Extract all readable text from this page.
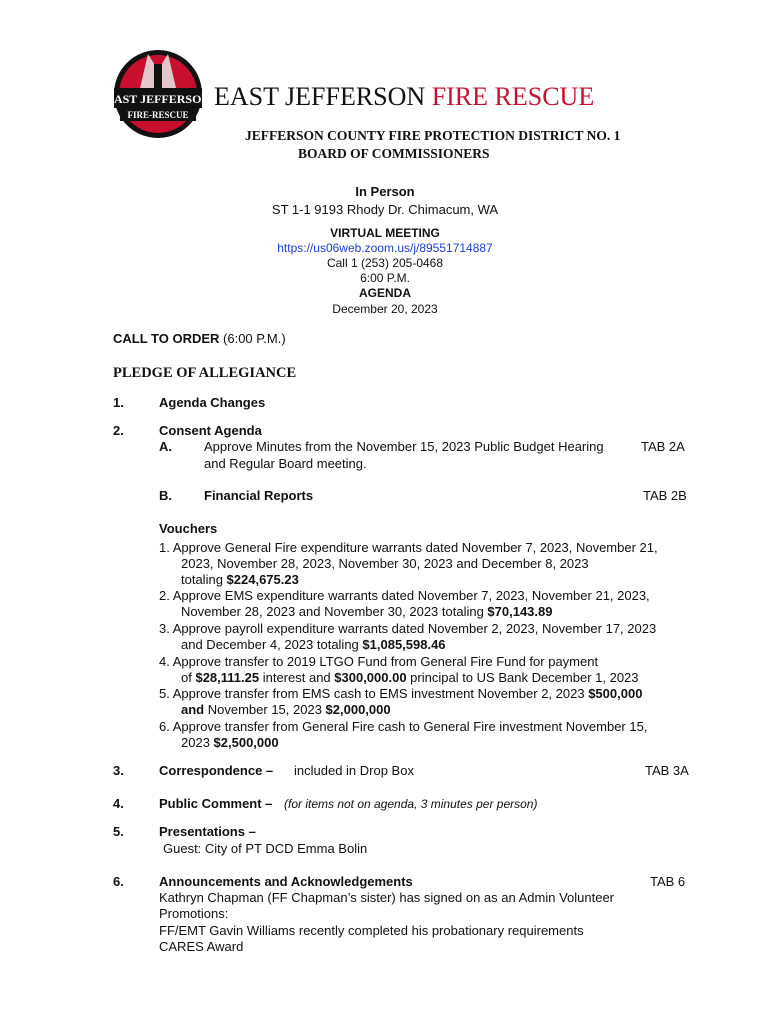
EAST JEFFERSON
FIRE-RESCUE
EAST JEFFERSON FIRE RESCUE
JEFFERSON COUNTY FIRE PROTECTION DISTRICT NO. 1
BOARD OF COMMISSIONERS
In Person
ST 1-1 9193 Rhody Dr. Chimacum, WA
VIRTUAL MEETING
https://us06web.zoom.us/j/89551714887
Call 1 (253) 205-0468
6:00 P.M.
AGENDA
December 20, 2023
CALL TO ORDER (6:00 P.M.)
PLEDGE OF ALLEGIANCE
1.	Agenda Changes
2.	Consent Agenda
A. Approve Minutes from the November 15, 2023 Public Budget Hearing	TAB 2A
and Regular Board meeting.
B. Financial Reports	TAB 2B
Vouchers
1. Approve General Fire expenditure warrants dated November 7, 2023, November 21,
2023, November 28, 2023, November 30, 2023 and December 8, 2023
totaling $224,675.23
2. Approve EMS expenditure warrants dated November 7, 2023, November 21, 2023,
November 28, 2023 and November 30, 2023 totaling $70,143.89
3. Approve payroll expenditure warrants dated November 2, 2023, November 17, 2023
and December 4, 2023 totaling $1,085,598.46
4. Approve transfer to 2019 LTGO Fund from General Fire Fund for payment
of $28,111.25 interest and $300,000.00 principal to US Bank December 1, 2023
5. Approve transfer from EMS cash to EMS investment November 2, 2023 $500,000
and November 15, 2023 $2,000,000
6. Approve transfer from General Fire cash to General Fire investment November 15,
2023 $2,500,000
3.	Correspondence – included in Drop Box	TAB 3A
4.	Public Comment – (for items not on agenda, 3 minutes per person)
5.	Presentations –
Guest: City of PT DCD Emma Bolin
6.	Announcements and Acknowledgements	TAB 6
Kathryn Chapman (FF Chapman’s sister) has signed on as an Admin Volunteer
Promotions:
FF/EMT Gavin Williams recently completed his probationary requirements
CARES Award
